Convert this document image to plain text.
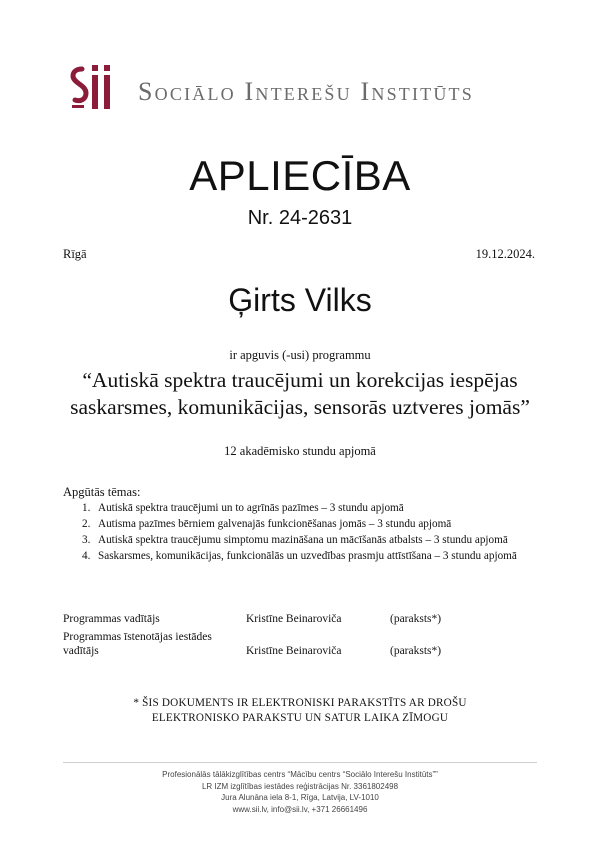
Sociālo Interešu Institūts
APLIECĪBA
Nr. 24-2631
Rīgā	19.12.2024.
Ģirts Vilks
ir apguvis (-usi) programmu
“Autiskā spektra traucējumi un korekcijas iespējas saskarsmes, komunikācijas, sensorās uztveres jomās”
12 akadēmisko stundu apjomā
Apgūtās tēmas:
1. Autiskā spektra traucējumi un to agrīnās pazīmes – 3 stundu apjomā
2. Autisma pazīmes bērniem galvenajās funkcionēšanas jomās – 3 stundu apjomā
3. Autiskā spektra traucējumu simptomu mazināšana un mācīšanās atbalsts – 3 stundu apjomā
4. Saskarsmes, komunikācijas, funkcionālās un uzvedības prasmju attīstīšana – 3 stundu apjomā
Programmas vadītājs	Kristīne Beinaroviča	(paraksts*)
Programmas īstenotājas iestādes vadītājs	Kristīne Beinaroviča	(paraksts*)
* ŠIS DOKUMENTS IR ELEKTRONISKI PARAKSTĪTS AR DROŠU ELEKTRONISKO PARAKSTU UN SATUR LAIKA ZĪMOGU
Profesionālās tālākizglītības centrs “Mācību centrs “Sociālo Interešu Institūts””
LR IZM izglītības iestādes reģistrācijas Nr. 3361802498
Jura Alunāna iela 8-1, Rīga, Latvija, LV-1010
www.sii.lv, info@sii.lv, +371 26661496
